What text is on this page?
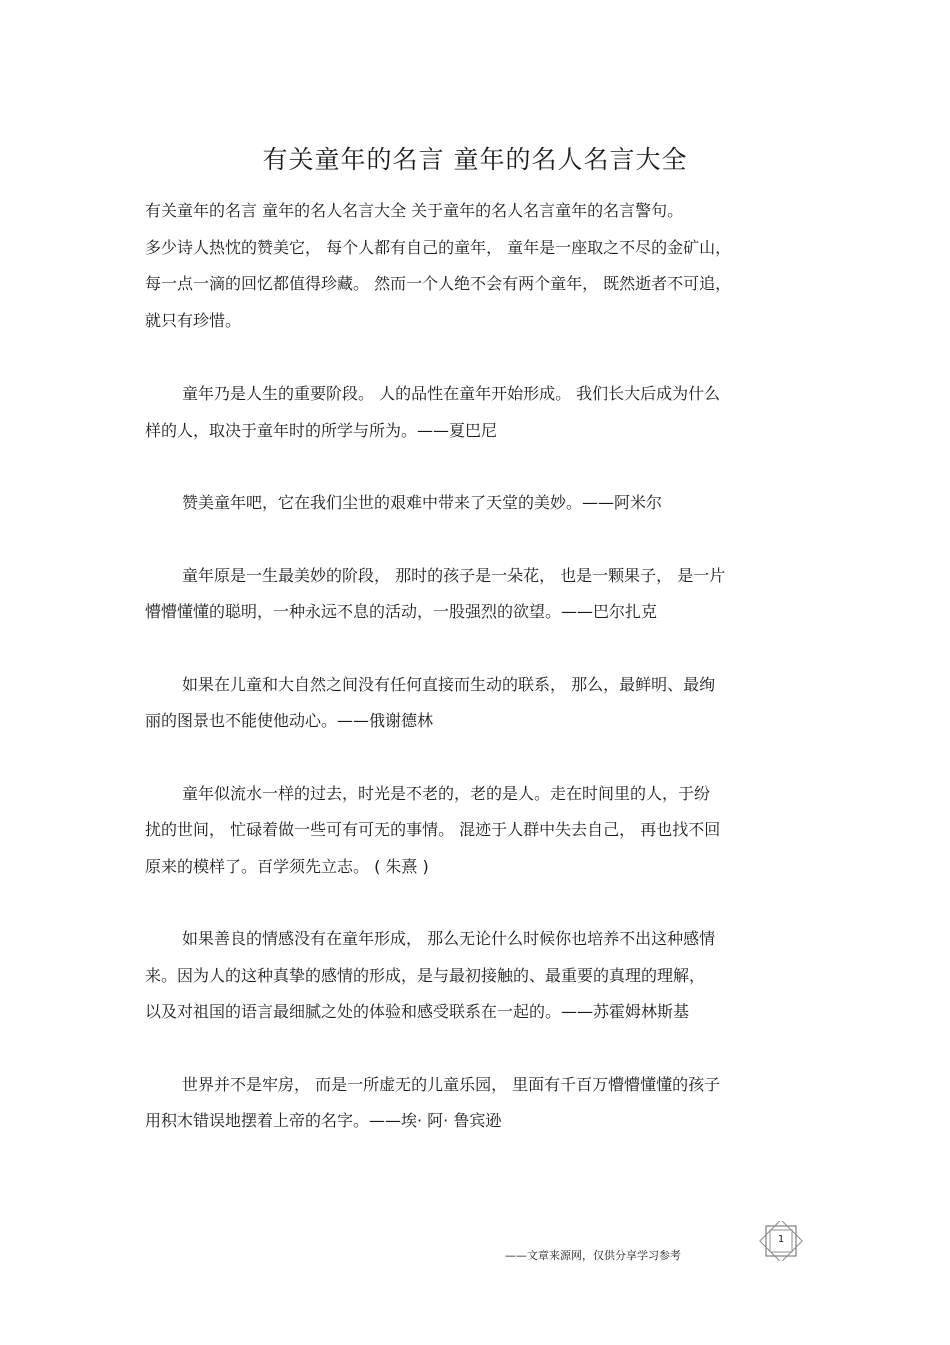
有关童年的名言 童年的名人名言大全

有关童年的名言 童年的名人名言大全 关于童年的名人名言童年的名言警句。
多少诗人热忱的赞美它， 每个人都有自己的童年， 童年是一座取之不尽的金矿山，
每一点一滴的回忆都值得珍藏。 然而一个人绝不会有两个童年， 既然逝者不可追，
就只有珍惜。

童年乃是人生的重要阶段。 人的品性在童年开始形成。 我们长大后成为什么
样的人，取决于童年时的所学与所为。——夏巴尼

赞美童年吧，它在我们尘世的艰难中带来了天堂的美妙。——阿米尔

童年原是一生最美妙的阶段， 那时的孩子是一朵花， 也是一颗果子， 是一片
懵懵懂懂的聪明，一种永远不息的活动，一股强烈的欲望。——巴尔扎克

如果在儿童和大自然之间没有任何直接而生动的联系， 那么，最鲜明、最绚
丽的图景也不能使他动心。——俄谢德林

童年似流水一样的过去，时光是不老的，老的是人。走在时间里的人，于纷
扰的世间， 忙碌着做一些可有可无的事情。 混迹于人群中失去自己， 再也找不回
原来的模样了。百学须先立志。 ( 朱熹 )

如果善良的情感没有在童年形成， 那么无论什么时候你也培养不出这种感情
来。因为人的这种真挚的感情的形成，是与最初接触的、最重要的真理的理解，
以及对祖国的语言最细腻之处的体验和感受联系在一起的。——苏霍姆林斯基

世界并不是牢房， 而是一所虚无的儿童乐园， 里面有千百万懵懵懂懂的孩子
用积木错误地摆着上帝的名字。——埃· 阿· 鲁宾逊

——文章来源网，仅供分享学习参考
1
